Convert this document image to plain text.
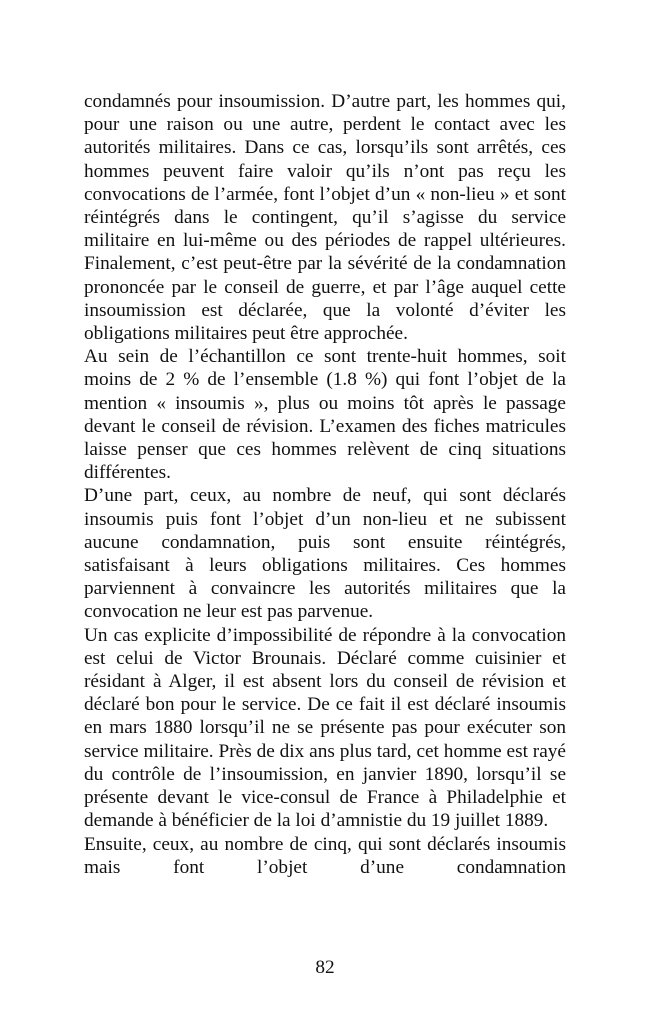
condamnés pour insoumission. D’autre part, les hommes qui, pour une raison ou une autre, perdent le contact avec les autorités militaires. Dans ce cas, lorsqu’ils sont arrêtés, ces hommes peuvent faire valoir qu’ils n’ont pas reçu les convocations de l’armée, font l’objet d’un « non-lieu » et sont réintégrés dans le contingent, qu’il s’agisse du service militaire en lui-même ou des périodes de rappel ultérieures. Finalement, c’est peut-être par la sévérité de la condamnation prononcée par le conseil de guerre, et par l’âge auquel cette insoumission est déclarée, que la volonté d’éviter les obligations militaires peut être approchée.

Au sein de l’échantillon ce sont trente-huit hommes, soit moins de 2 % de l’ensemble (1.8 %) qui font l’objet de la mention « insoumis », plus ou moins tôt après le passage devant le conseil de révision. L’examen des fiches matricules laisse penser que ces hommes relèvent de cinq situations différentes.

D’une part, ceux, au nombre de neuf, qui sont déclarés insoumis puis font l’objet d’un non-lieu et ne subissent aucune condamnation, puis sont ensuite réintégrés, satisfaisant à leurs obligations militaires. Ces hommes parviennent à convaincre les autorités militaires que la convocation ne leur est pas parvenue.

Un cas explicite d’impossibilité de répondre à la convocation est celui de Victor Brounais. Déclaré comme cuisinier et résidant à Alger, il est absent lors du conseil de révision et déclaré bon pour le service. De ce fait il est déclaré insoumis en mars 1880 lorsqu’il ne se présente pas pour exécuter son service militaire. Près de dix ans plus tard, cet homme est rayé du contrôle de l’insoumission, en janvier 1890, lorsqu’il se présente devant le vice-consul de France à Philadelphie et demande à bénéficier de la loi d’amnistie du 19 juillet 1889.

Ensuite, ceux, au nombre de cinq, qui sont déclarés insoumis mais font l’objet d’une condamnation

82
